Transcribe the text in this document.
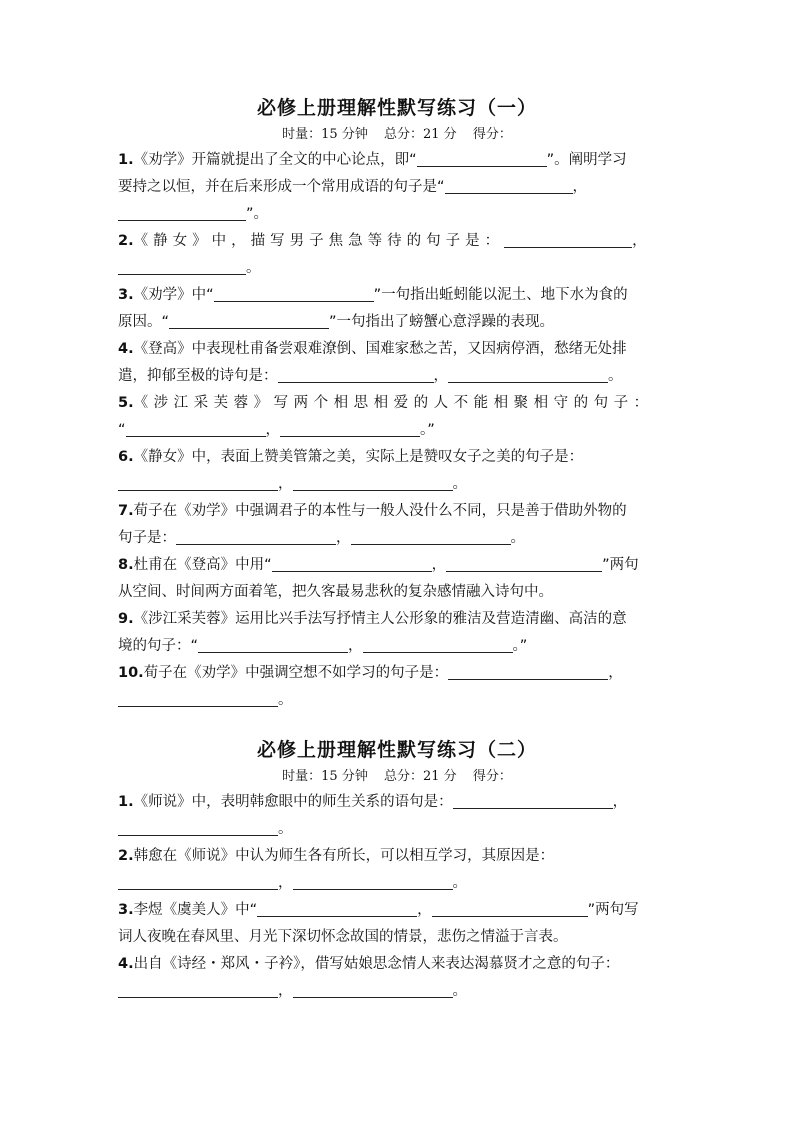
必修上册理解性默写练习（一）
时量：15 分钟 总分：21 分 得分：

1.《劝学》开篇就提出了全文的中心论点，即“	”。阐明学习

要持之以恒，并在后来形成一个常用成语的句子是“	，

”。

2.《静女》中，描写男子焦急等待的句子是：	，

。

3.《劝学》中“	”一句指出蚯蚓能以泥土、地下水为食的

原因。“	”一句指出了螃蟹心意浮躁的表现。

4.《登高》中表现杜甫备尝艰难潦倒、国难家愁之苦，又因病停酒，愁绪无处排

遣，抑郁至极的诗句是：	，	。

5.《涉江采芙蓉》写两个相思相爱的人不能相聚相守的句子：

“	，	。”

6.《静女》中，表面上赞美管箫之美，实际上是赞叹女子之美的句子是：

，	。

7.荀子在《劝学》中强调君子的本性与一般人没什么不同，只是善于借助外物的

句子是：	，	。

8.杜甫在《登高》中用“	，	”两句

从空间、时间两方面着笔，把久客最易悲秋的复杂感情融入诗句中。

9.《涉江采芙蓉》运用比兴手法写抒情主人公形象的雅洁及营造清幽、高洁的意

境的句子：“	，	。”

10.荀子在《劝学》中强调空想不如学习的句子是：	，

。

必修上册理解性默写练习（二）
时量：15 分钟 总分：21 分 得分：

1.《师说》中，表明韩愈眼中的师生关系的语句是：	，

。

2.韩愈在《师说》中认为师生各有所长，可以相互学习，其原因是：

，	。

3.李煜《虞美人》中“	，	”两句写

词人夜晚在春风里、月光下深切怀念故国的情景，悲伤之情溢于言表。

4.出自《诗经・郑风・子衿》，借写姑娘思念情人来表达渴慕贤才之意的句子：

，	。
